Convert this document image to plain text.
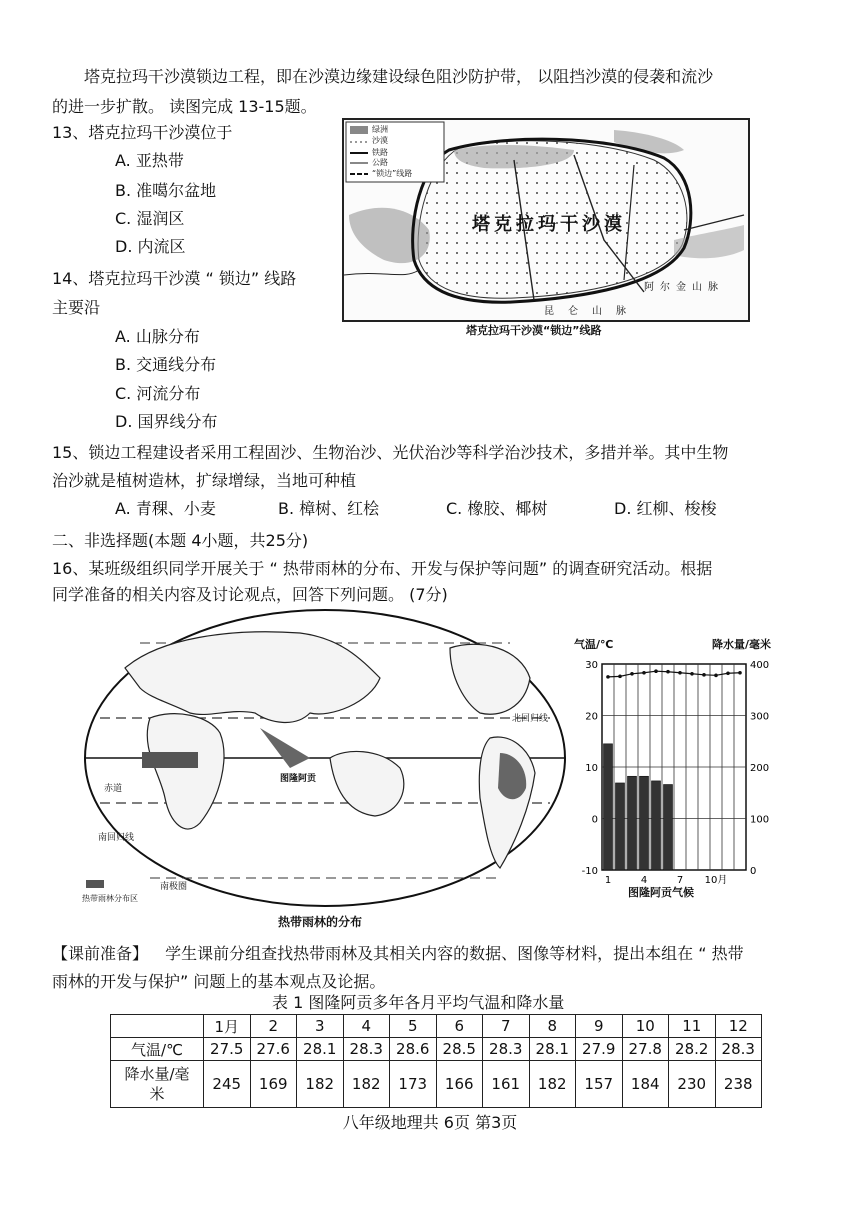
塔克拉玛干沙漠锁边工程，即在沙漠边缘建设绿色阻沙防护带， 以阻挡沙漠的侵袭和流沙
的进一步扩散。 读图完成 13-15题。
13、塔克拉玛干沙漠位于
A. 亚热带
B. 准噶尔盆地
C. 湿润区
D. 内流区
14、塔克拉玛干沙漠 “ 锁边” 线路
主要沿
A. 山脉分布
B. 交通线分布
C. 河流分布
D. 国界线分布
绿洲
沙漠
铁路
公路
“锁边”线路
塔克拉玛干沙漠
阿尔金山脉
昆仑山脉
塔克拉玛干沙漠“锁边”线路
15、锁边工程建设者采用工程固沙、生物治沙、光伏治沙等科学治沙技术，多措并举。其中生物
治沙就是植树造林，扩绿增绿，当地可种植
A. 青稞、小麦	B. 樟树、红桧	C. 橡胶、椰树	D. 红柳、梭梭
二、非选择题(本题 4小题，共25分)
16、某班级组织同学开展关于 “ 热带雨林的分布、开发与保护等问题” 的调查研究活动。根据
同学准备的相关内容及讨论观点，回答下列问题。 (7分)
赤道
北回归线
南回归线
南极圈
图隆阿贡
热带雨林分布区
热带雨林的分布
气温/℃	降水量/毫米
30
20
10
0
-10
400
300
200
100
0
1	4	7 10月
图隆阿贡气候
【课前准备】 学生课前分组查找热带雨林及其相关内容的数据、图像等材料，提出本组在 “ 热带
雨林的开发与保护” 问题上的基本观点及论据。
表 1 图隆阿贡多年各月平均气温和降水量
	1月	2	3	4	5	6	7	8	9	10	11	12
气温/℃	27.5	27.6	28.1	28.3	28.6	28.5	28.3	28.1	27.9	27.8	28.2	28.3
降水量/毫
米	245	169	182	182	173	166	161	182	157	184	230	238
八年级地理共 6页 第3页
